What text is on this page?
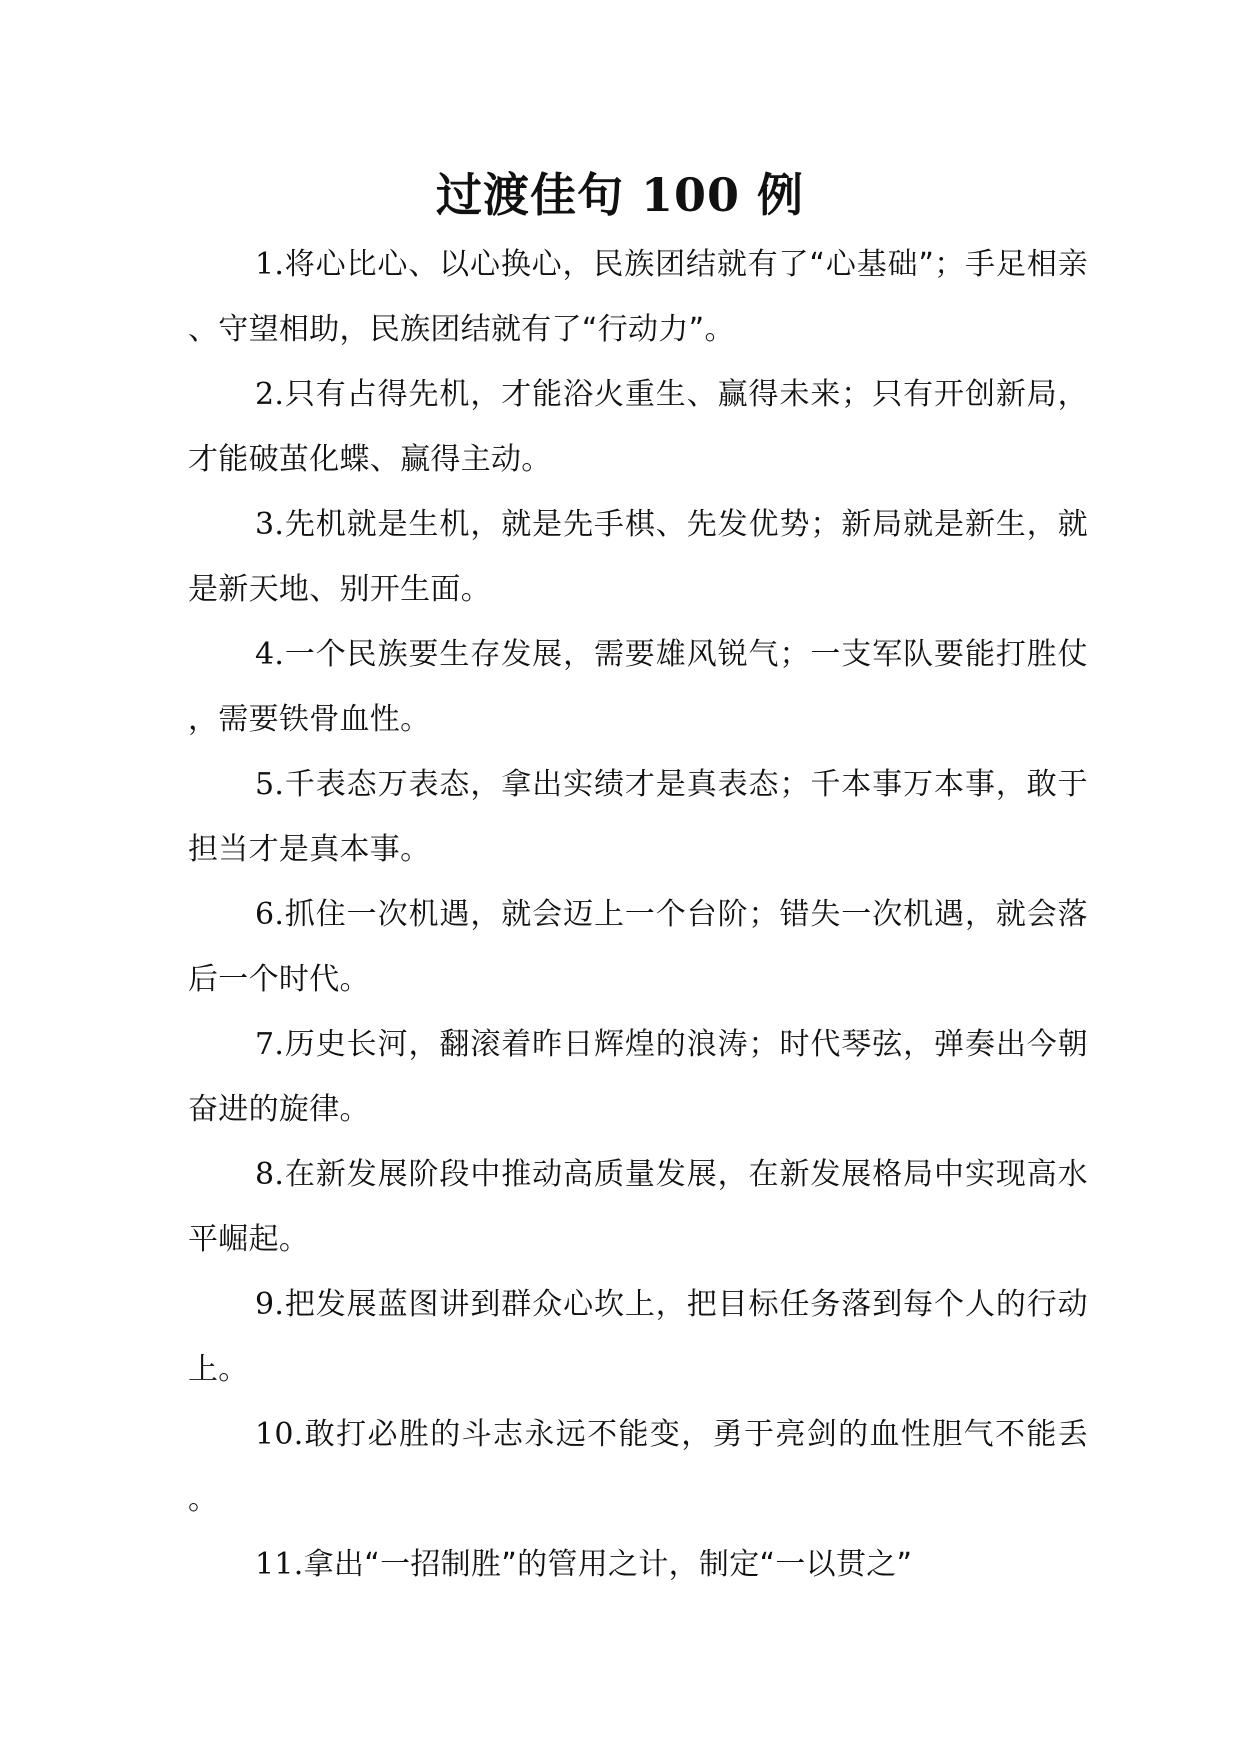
过渡佳句 100 例

1.将心比心、以心换心，民族团结就有了“心基础”；手足相亲、守望相助，民族团结就有了“行动力”。

2.只有占得先机，才能浴火重生、赢得未来；只有开创新局，才能破茧化蝶、赢得主动。

3.先机就是生机，就是先手棋、先发优势；新局就是新生，就是新天地、别开生面。

4.一个民族要生存发展，需要雄风锐气；一支军队要能打胜仗，需要铁骨血性。

5.千表态万表态，拿出实绩才是真表态；千本事万本事，敢于担当才是真本事。

6.抓住一次机遇，就会迈上一个台阶；错失一次机遇，就会落后一个时代。

7.历史长河，翻滚着昨日辉煌的浪涛；时代琴弦，弹奏出今朝奋进的旋律。

8.在新发展阶段中推动高质量发展，在新发展格局中实现高水平崛起。

9.把发展蓝图讲到群众心坎上，把目标任务落到每个人的行动上。

10.敢打必胜的斗志永远不能变，勇于亮剑的血性胆气不能丢。

11.拿出“一招制胜”的管用之计，制定“一以贯之”
